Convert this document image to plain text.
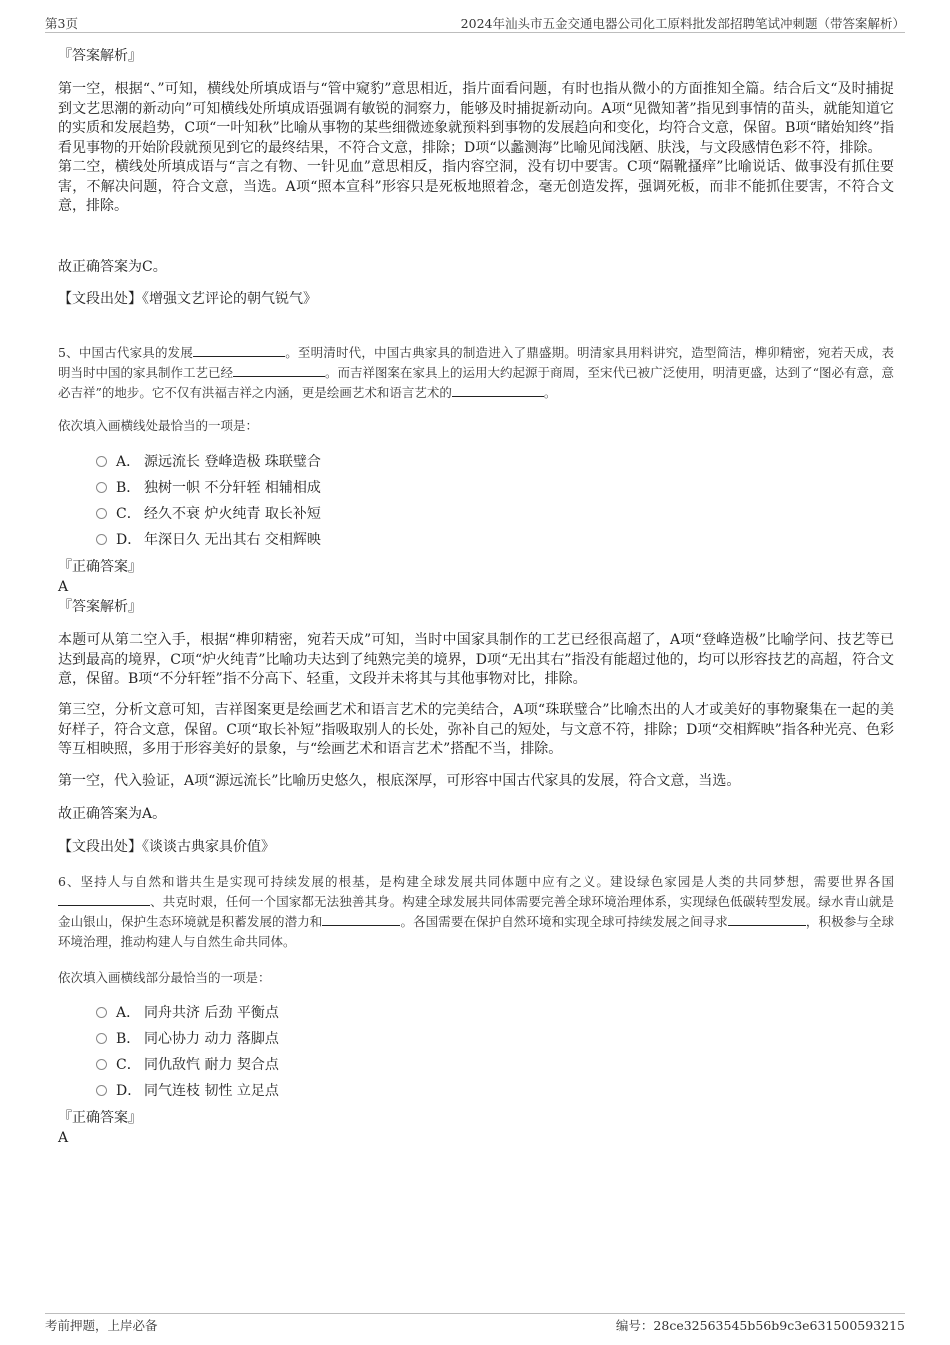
第3页	2024年汕头市五金交通电器公司化工原料批发部招聘笔试冲刺题（带答案解析）
『答案解析』

第一空，根据“、”可知，横线处所填成语与“管中窥豹”意思相近，指片面看问题，有时也指从微小的方面推知全篇。结合后文“及时捕捉到文艺思潮的新动向”可知横线处所填成语强调有敏锐的洞察力，能够及时捕捉新动向。A项“见微知著”指见到事情的苗头，就能知道它的实质和发展趋势，C项“一叶知秋”比喻从事物的某些细微迹象就预料到事物的发展趋向和变化，均符合文意，保留。B项“睹始知终”指看见事物的开始阶段就预见到它的最终结果，不符合文意，排除；D项“以蠡测海”比喻见闻浅陋、肤浅，与文段感情色彩不符，排除。

第二空，横线处所填成语与“言之有物、一针见血”意思相反，指内容空洞，没有切中要害。C项“隔靴搔痒”比喻说话、做事没有抓住要害，不解决问题，符合文意，当选。A项“照本宣科”形容只是死板地照着念，毫无创造发挥，强调死板，而非不能抓住要害，不符合文意，排除。

故正确答案为C。

【文段出处】《增强文艺评论的朝气锐气》

5、中国古代家具的发展	。至明清时代，中国古典家具的制造进入了鼎盛期。明清家具用料讲究，造型简洁，榫卯精密，宛若天成，表明当时中国的家具制作工艺已经	。而吉祥图案在家具上的运用大约起源于商周，至宋代已被广泛使用，明清更盛，达到了“图必有意，意必吉祥”的地步。它不仅有洪福吉祥之内涵，更是绘画艺术和语言艺术的	。

依次填入画横线处最恰当的一项是：

A． 源远流长 登峰造极 珠联璧合
B． 独树一帜 不分轩轾 相辅相成
C． 经久不衰 炉火纯青 取长补短
D． 年深日久 无出其右 交相辉映
『正确答案』
A
『答案解析』

本题可从第二空入手，根据“榫卯精密，宛若天成”可知，当时中国家具制作的工艺已经很高超了，A项“登峰造极”比喻学问、技艺等已达到最高的境界，C项“炉火纯青”比喻功夫达到了纯熟完美的境界，D项“无出其右”指没有能超过他的，均可以形容技艺的高超，符合文意，保留。B项“不分轩轾”指不分高下、轻重，文段并未将其与其他事物对比，排除。

第三空，分析文意可知，吉祥图案更是绘画艺术和语言艺术的完美结合，A项“珠联璧合”比喻杰出的人才或美好的事物聚集在一起的美好样子，符合文意，保留。C项“取长补短”指吸取别人的长处，弥补自己的短处，与文意不符，排除；D项“交相辉映”指各种光亮、色彩等互相映照，多用于形容美好的景象，与“绘画艺术和语言艺术”搭配不当，排除。

第一空，代入验证，A项“源远流长”比喻历史悠久，根底深厚，可形容中国古代家具的发展，符合文意，当选。

故正确答案为A。

【文段出处】《谈谈古典家具价值》

6、坚持人与自然和谐共生是实现可持续发展的根基，是构建全球发展共同体题中应有之义。建设绿色家园是人类的共同梦想，需要世界各国、共克时艰，任何一个国家都无法独善其身。构建全球发展共同体需要完善全球环境治理体系，实现绿色低碳转型发展。绿水青山就是金山银山，保护生态环境就是积蓄发展的潜力和	。各国需要在保护自然环境和实现全球可持续发展之间寻求	，积极参与全球环境治理，推动构建人与自然生命共同体。

依次填入画横线部分最恰当的一项是：

A． 同舟共济 后劲 平衡点
B． 同心协力 动力 落脚点
C． 同仇敌忾 耐力 契合点
D． 同气连枝 韧性 立足点
『正确答案』
A
考前押题，上岸必备	编号：28ce32563545b56b9c3e631500593215
